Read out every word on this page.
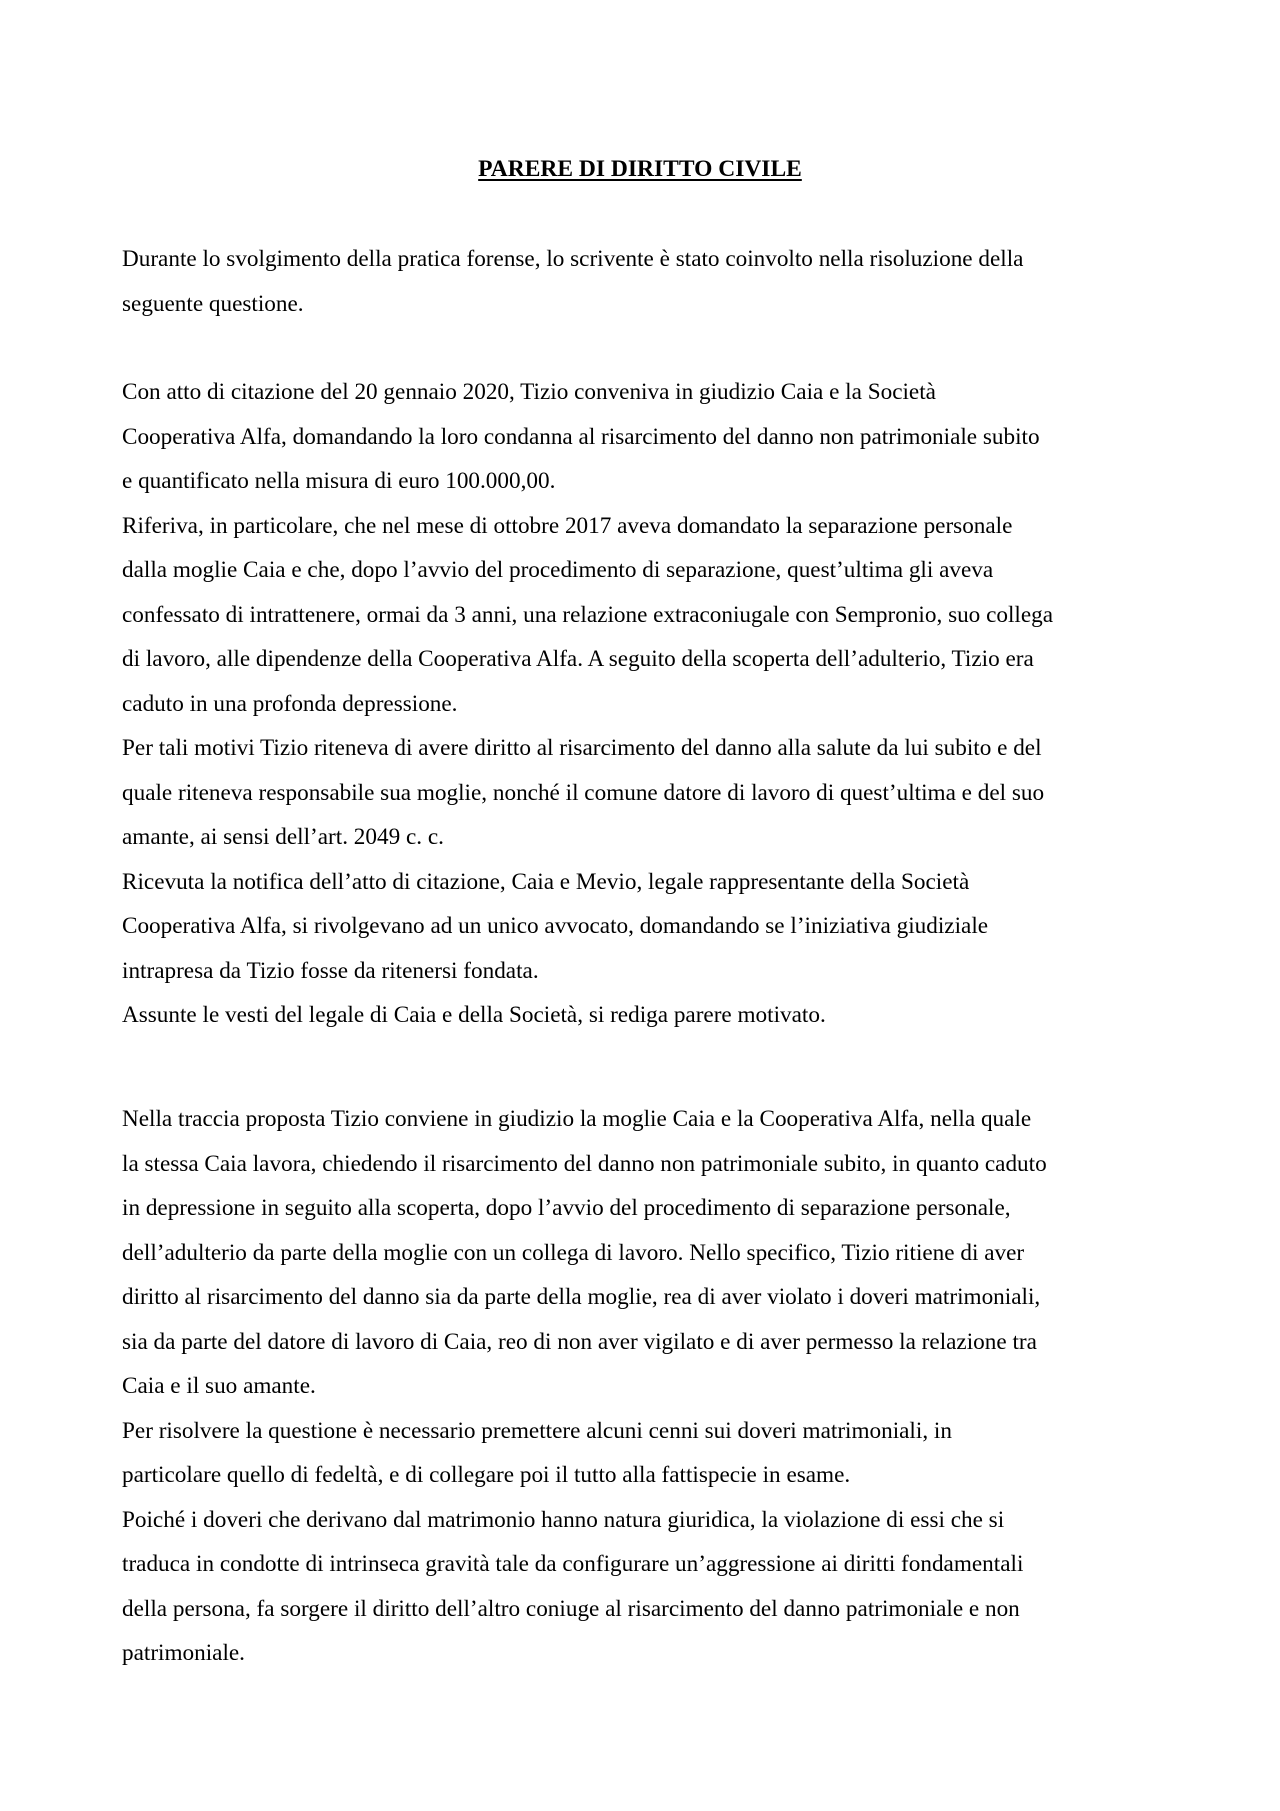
PARERE DI DIRITTO CIVILE

Durante lo svolgimento della pratica forense, lo scrivente è stato coinvolto nella risoluzione della

seguente questione.

Con atto di citazione del 20 gennaio 2020, Tizio conveniva in giudizio Caia e la Società

Cooperativa Alfa, domandando la loro condanna al risarcimento del danno non patrimoniale subito

e quantificato nella misura di euro 100.000,00.

Riferiva, in particolare, che nel mese di ottobre 2017 aveva domandato la separazione personale

dalla moglie Caia e che, dopo l’avvio del procedimento di separazione, quest’ultima gli aveva

confessato di intrattenere, ormai da 3 anni, una relazione extraconiugale con Sempronio, suo collega

di lavoro, alle dipendenze della Cooperativa Alfa. A seguito della scoperta dell’adulterio, Tizio era

caduto in una profonda depressione.

Per tali motivi Tizio riteneva di avere diritto al risarcimento del danno alla salute da lui subito e del

quale riteneva responsabile sua moglie, nonché il comune datore di lavoro di quest’ultima e del suo

amante, ai sensi dell’art. 2049 c. c.

Ricevuta la notifica dell’atto di citazione, Caia e Mevio, legale rappresentante della Società

Cooperativa Alfa, si rivolgevano ad un unico avvocato, domandando se l’iniziativa giudiziale

intrapresa da Tizio fosse da ritenersi fondata.

Assunte le vesti del legale di Caia e della Società, si rediga parere motivato.

Nella traccia proposta Tizio conviene in giudizio la moglie Caia e la Cooperativa Alfa, nella quale

la stessa Caia lavora, chiedendo il risarcimento del danno non patrimoniale subito, in quanto caduto

in depressione in seguito alla scoperta, dopo l’avvio del procedimento di separazione personale,

dell’adulterio da parte della moglie con un collega di lavoro. Nello specifico, Tizio ritiene di aver

diritto al risarcimento del danno sia da parte della moglie, rea di aver violato i doveri matrimoniali,

sia da parte del datore di lavoro di Caia, reo di non aver vigilato e di aver permesso la relazione tra

Caia e il suo amante.

Per risolvere la questione è necessario premettere alcuni cenni sui doveri matrimoniali, in

particolare quello di fedeltà, e di collegare poi il tutto alla fattispecie in esame.

Poiché i doveri che derivano dal matrimonio hanno natura giuridica, la violazione di essi che si

traduca in condotte di intrinseca gravità tale da configurare un’aggressione ai diritti fondamentali

della persona, fa sorgere il diritto dell’altro coniuge al risarcimento del danno patrimoniale e non

patrimoniale.
